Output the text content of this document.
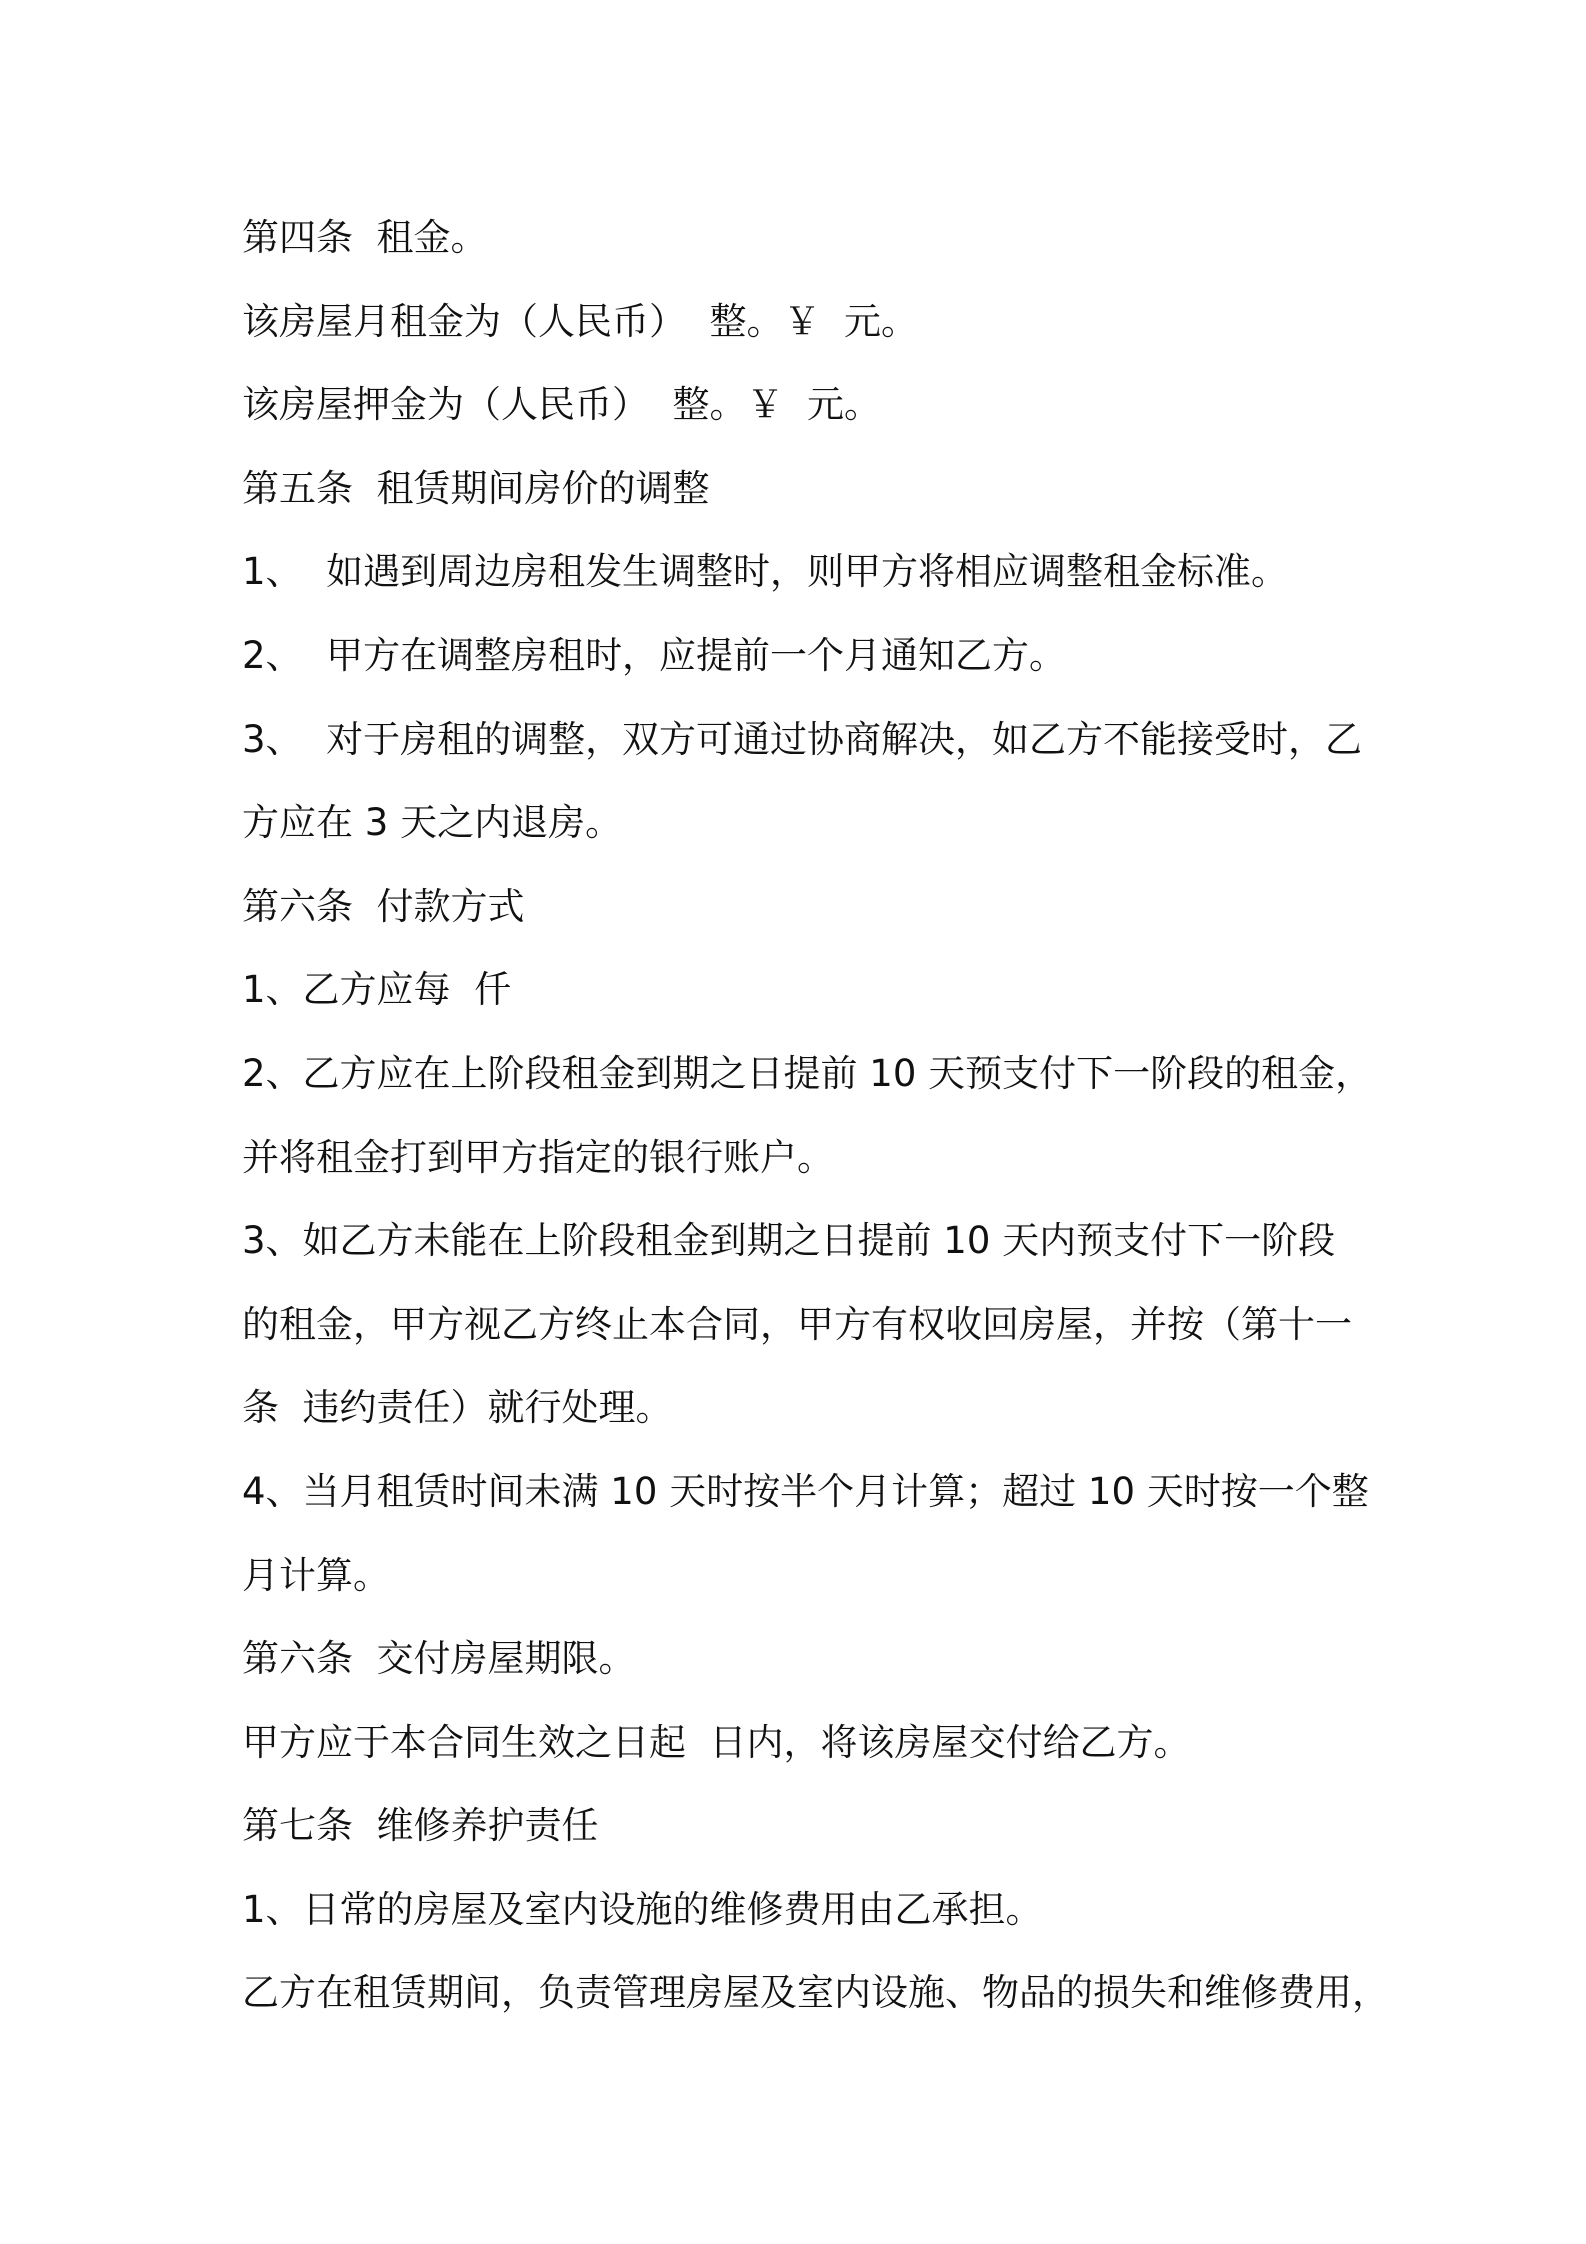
第四条  租金。

该房屋月租金为（人民币）  整。￥  元。

该房屋押金为（人民币）  整。￥  元。

第五条  租赁期间房价的调整

1、  如遇到周边房租发生调整时，则甲方将相应调整租金标准。

2、  甲方在调整房租时，应提前一个月通知乙方。

3、  对于房租的调整，双方可通过协商解决，如乙方不能接受时，乙

方应在 3 天之内退房。

第六条  付款方式

1、乙方应每  仟

2、乙方应在上阶段租金到期之日提前 10 天预支付下一阶段的租金，

并将租金打到甲方指定的银行账户。

3、如乙方未能在上阶段租金到期之日提前 10 天内预支付下一阶段

的租金，甲方视乙方终止本合同，甲方有权收回房屋，并按（第十一

条  违约责任）就行处理。

4、当月租赁时间未满 10 天时按半个月计算；超过 10 天时按一个整

月计算。

第六条  交付房屋期限。

甲方应于本合同生效之日起  日内，将该房屋交付给乙方。

第七条  维修养护责任

1、日常的房屋及室内设施的维修费用由乙承担。

乙方在租赁期间，负责管理房屋及室内设施、物品的损失和维修费用，
